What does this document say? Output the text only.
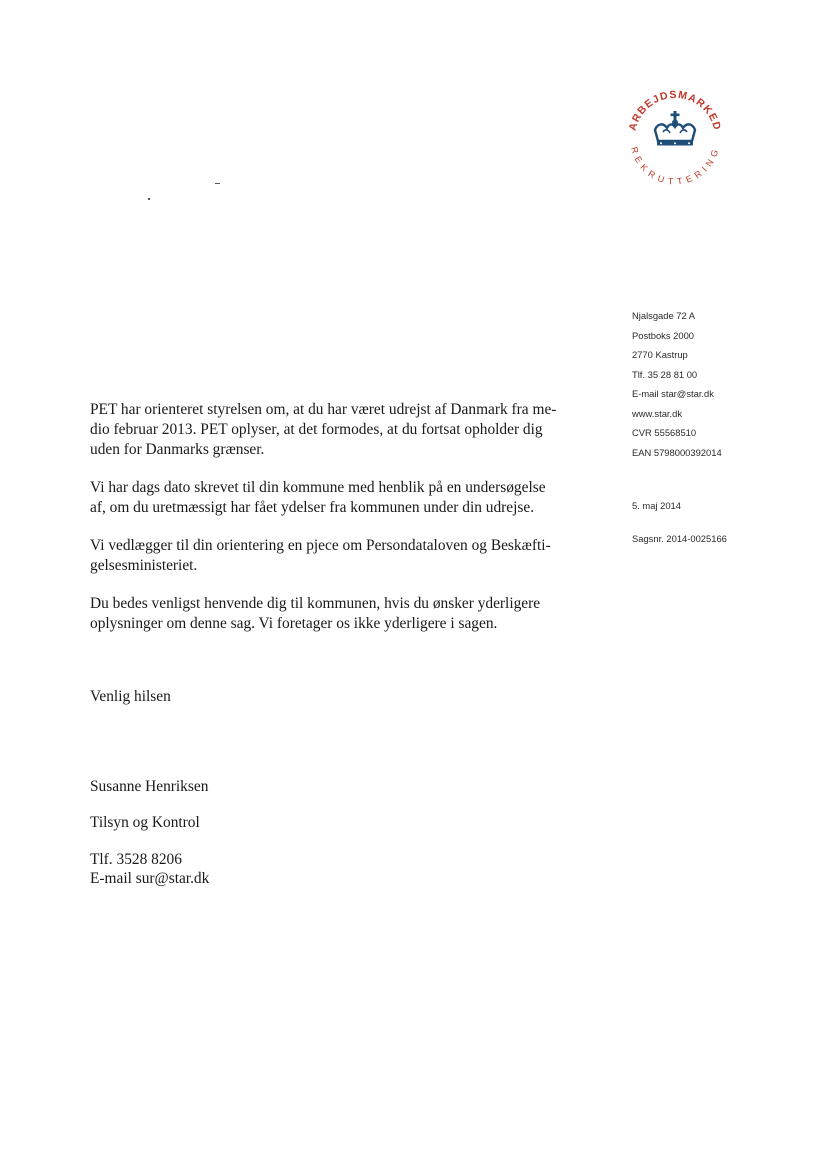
ARBEJDSMARKED
REKRUTTERING
Njalsgade 72 A
Postboks 2000
2770 Kastrup
Tlf. 35 28 81 00
E-mail star@star.dk
www.star.dk
CVR 55568510
EAN 5798000392014
5. maj 2014
Sagsnr. 2014-0025166

PET har orienteret styrelsen om, at du har været udrejst af Danmark fra me-
dio februar 2013. PET oplyser, at det formodes, at du fortsat opholder dig
uden for Danmarks grænser.

Vi har dags dato skrevet til din kommune med henblik på en undersøgelse
af, om du uretmæssigt har fået ydelser fra kommunen under din udrejse.

Vi vedlægger til din orientering en pjece om Persondataloven og Beskæfti-
gelsesministeriet.

Du bedes venligst henvende dig til kommunen, hvis du ønsker yderligere
oplysninger om denne sag. Vi foretager os ikke yderligere i sagen.

Venlig hilsen
Susanne Henriksen
Tilsyn og Kontrol
Tlf. 3528 8206
E-mail sur@star.dk
